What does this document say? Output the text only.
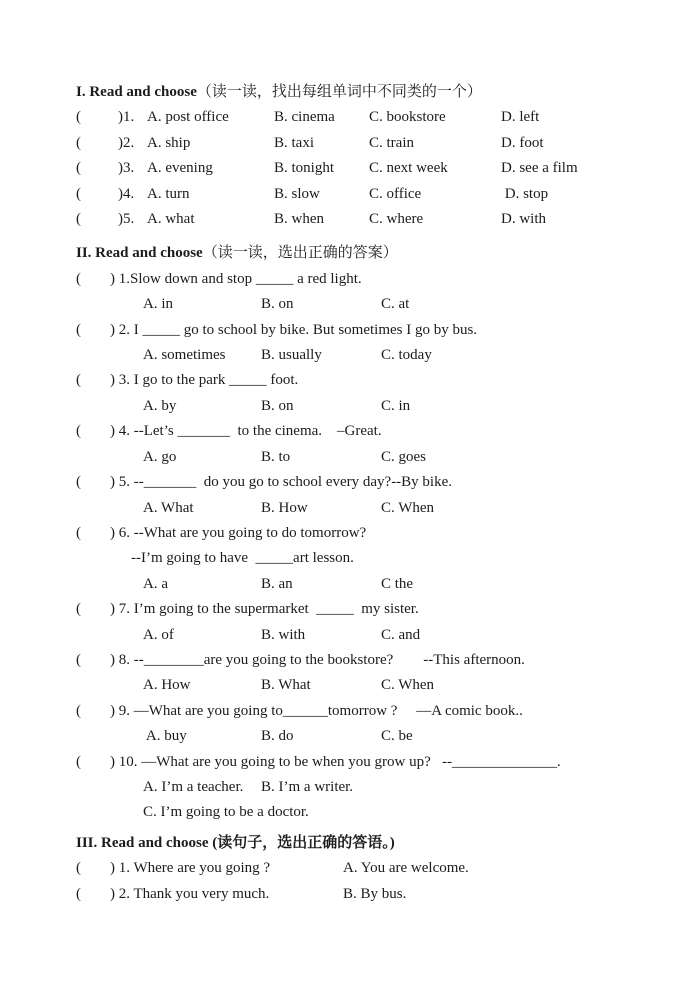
I. Read and choose（读一读，找出每组单词中不同类的一个）
(	)1. A. post office	B. cinema	C. bookstore	D. left
(	)2. A. ship	B. taxi	C. train	D. foot
(	)3. A. evening	B. tonight	C. next week	D. see a film
(	)4. A. turn	B. slow	C. office	D. stop
(	)5. A. what	B. when	C. where	D. with
II. Read and choose（读一读，选出正确的答案）
(	) 1.Slow down and stop _____ a red light.
A. in	B. on	C. at
(	) 2. I _____ go to school by bike. But sometimes I go by bus.
A. sometimes	B. usually	C. today
(	) 3. I go to the park _____ foot.
A. by	B. on	C. in
(	) 4. --Let’s _______  to the cinema.    –Great.
A. go	B. to	C. goes
(	) 5. --_______  do you go to school every day?--By bike.
A. What	B. How	C. When
(	) 6. --What are you going to do tomorrow?
--I’m going to have  _____art lesson.
A. a	B. an	C the
(	) 7. I’m going to the supermarket  _____  my sister.
A. of	B. with	C. and
(	) 8. --________are you going to the bookstore?        --This afternoon.
A. How	B. What	C. When
(	) 9. —What are you going to______tomorrow ?     —A comic book..
A. buy	B. do	C. be
(	) 10. —What are you going to be when you grow up?   --______________.
A. I’m a teacher.	B. I’m a writer.
C. I’m going to be a doctor.
III. Read and choose (读句子，选出正确的答语。)
(	) 1. Where are you going ?	A. You are welcome.
(	) 2. Thank you very much.	B. By bus.
